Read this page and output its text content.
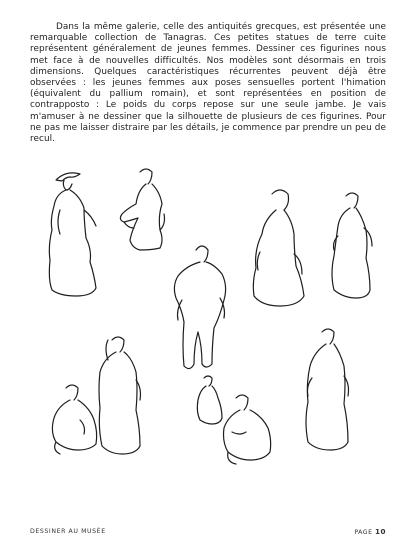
Dans la même galerie, celle des antiquités grecques, est présentée une remarquable collection de Tanagras. Ces petites statues de terre cuite représentent généralement de jeunes femmes. Dessiner ces figurines nous met face à de nouvelles difficultés. Nos modèles sont désormais en trois dimensions. Quelques caractéristiques récurrentes peuvent déjà être observées : les jeunes femmes aux poses sensuelles portent l'himation (équivalent du pallium romain), et sont représentées en position de contrapposto : Le poids du corps repose sur une seule jambe. Je vais m'amuser à ne dessiner que la silhouette de plusieurs de ces figurines. Pour ne pas me laisser distraire par les détails, je commence par prendre un peu de recul.

DESSINER AU MUSÉE	PAGE 10
